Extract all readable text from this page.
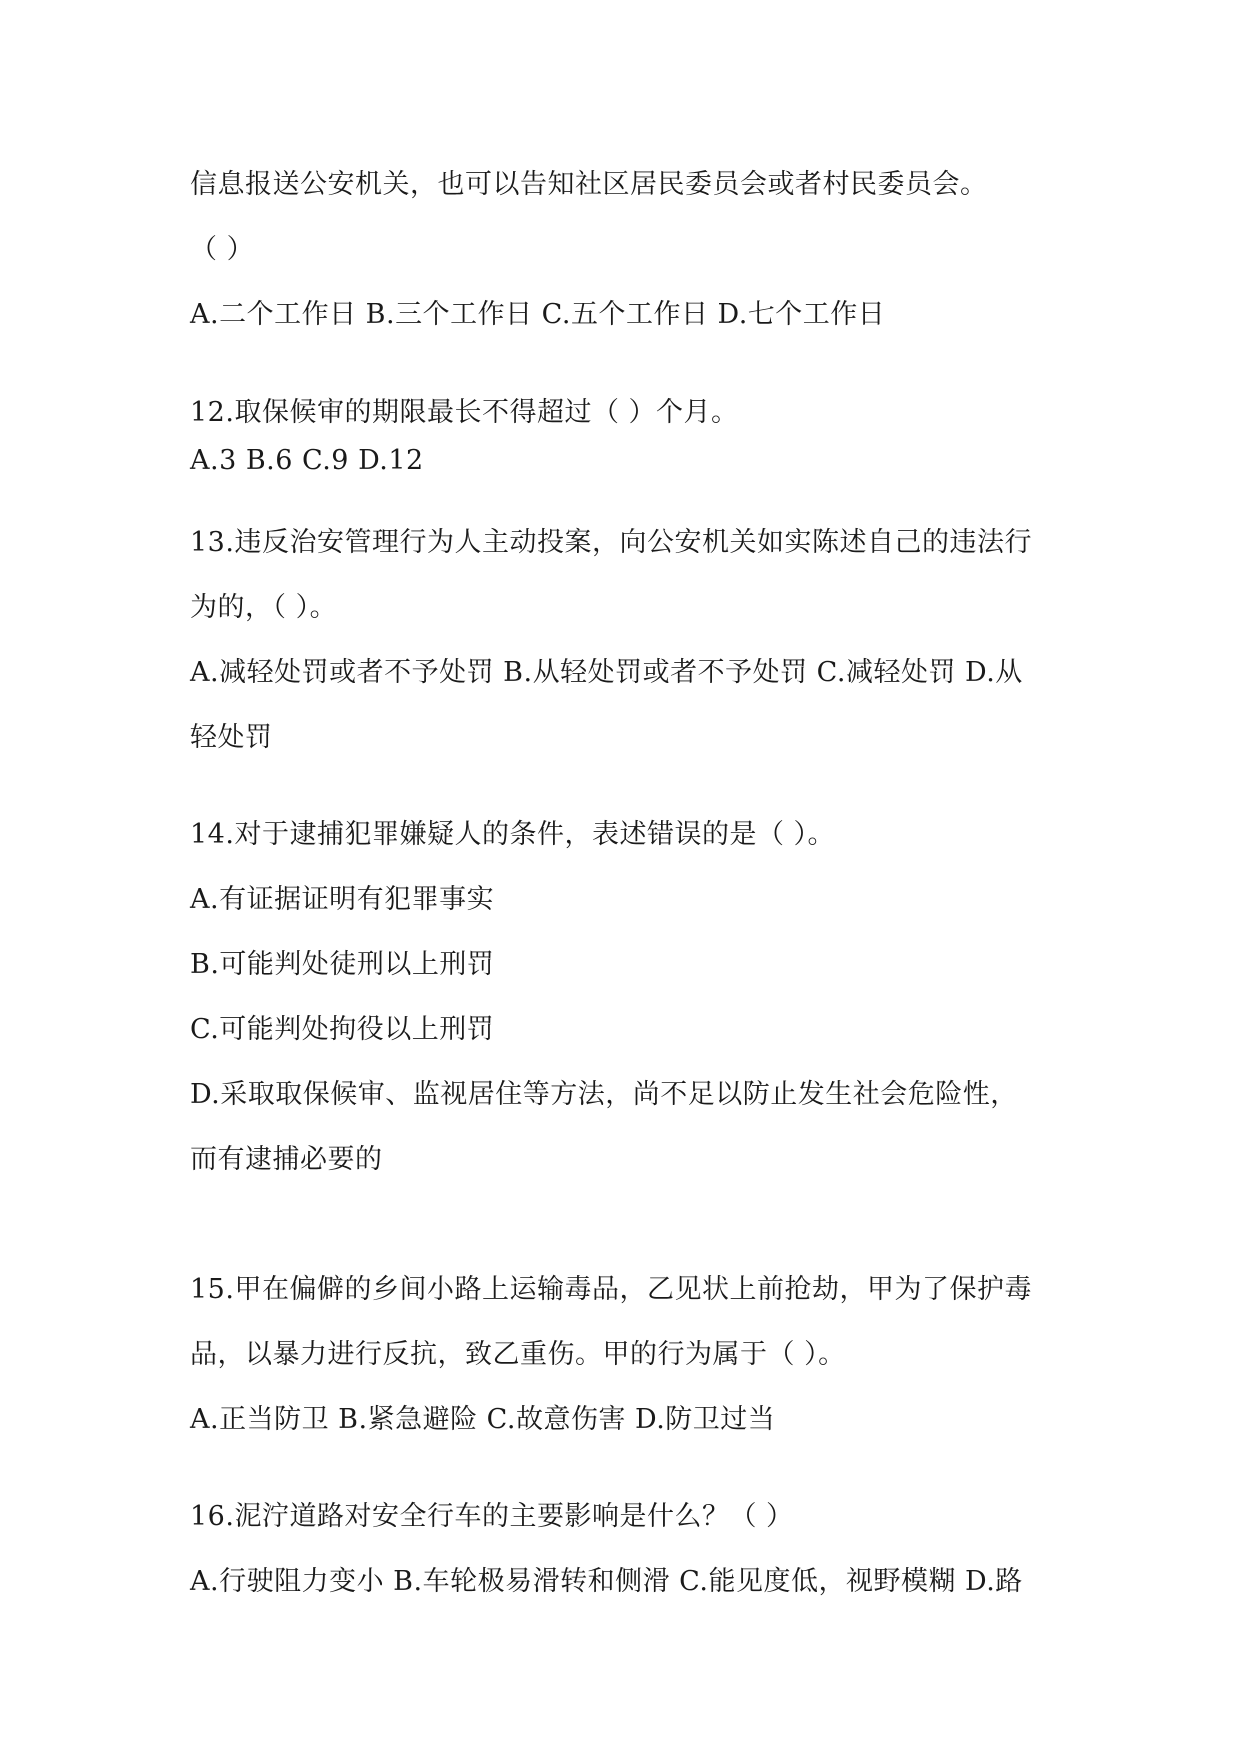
信息报送公安机关，也可以告知社区居民委员会或者村民委员会。
（ ）
A.二个工作日 B.三个工作日 C.五个工作日 D.七个工作日
12.取保候审的期限最长不得超过（ ）个月。
A.3 B.6 C.9 D.12
13.违反治安管理行为人主动投案，向公安机关如实陈述自己的违法行
为的，（ ）。
A.减轻处罚或者不予处罚 B.从轻处罚或者不予处罚 C.减轻处罚 D.从
轻处罚
14.对于逮捕犯罪嫌疑人的条件，表述错误的是（ ）。
A.有证据证明有犯罪事实
B.可能判处徒刑以上刑罚
C.可能判处拘役以上刑罚
D.采取取保候审、监视居住等方法，尚不足以防止发生社会危险性，
而有逮捕必要的
15.甲在偏僻的乡间小路上运输毒品，乙见状上前抢劫，甲为了保护毒
品，以暴力进行反抗，致乙重伤。甲的行为属于（ ）。
A.正当防卫 B.紧急避险 C.故意伤害 D.防卫过当
16.泥泞道路对安全行车的主要影响是什么？（ ）
A.行驶阻力变小 B.车轮极易滑转和侧滑 C.能见度低，视野模糊 D.路
